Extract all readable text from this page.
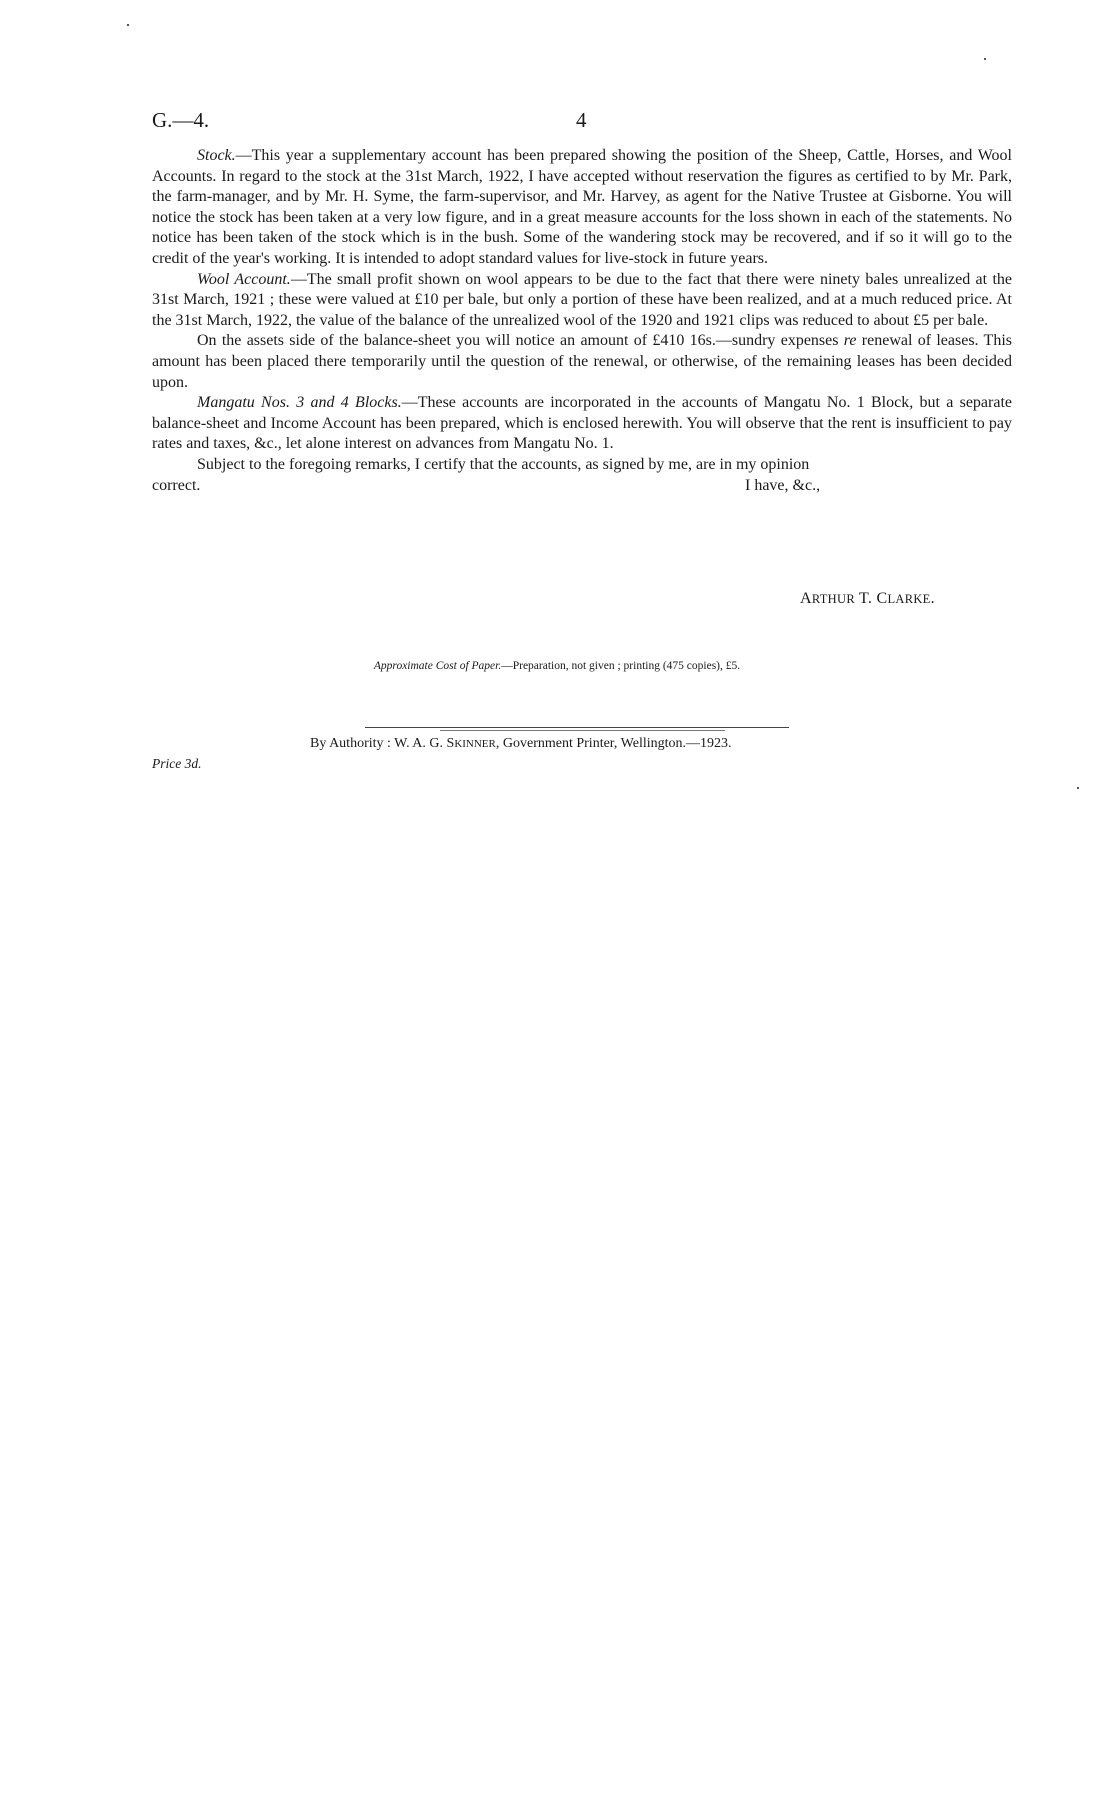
G.—4.	4

Stock.—This year a supplementary account has been prepared showing the position of the Sheep, Cattle, Horses, and Wool Accounts. In regard to the stock at the 31st March, 1922, I have accepted without reservation the figures as certified to by Mr. Park, the farm-manager, and by Mr. H. Syme, the farm-supervisor, and Mr. Harvey, as agent for the Native Trustee at Gisborne. You will notice the stock has been taken at a very low figure, and in a great measure accounts for the loss shown in each of the statements. No notice has been taken of the stock which is in the bush. Some of the wandering stock may be recovered, and if so it will go to the credit of the year's working. It is intended to adopt standard values for live-stock in future years.

Wool Account.—The small profit shown on wool appears to be due to the fact that there were ninety bales unrealized at the 31st March, 1921 ; these were valued at £10 per bale, but only a portion of these have been realized, and at a much reduced price. At the 31st March, 1922, the value of the balance of the unrealized wool of the 1920 and 1921 clips was reduced to about £5 per bale.

On the assets side of the balance-sheet you will notice an amount of £410 16s.—sundry expenses re renewal of leases. This amount has been placed there temporarily until the question of the renewal, or otherwise, of the remaining leases has been decided upon.

Mangatu Nos. 3 and 4 Blocks.—These accounts are incorporated in the accounts of Mangatu No. 1 Block, but a separate balance-sheet and Income Account has been prepared, which is enclosed herewith. You will observe that the rent is insufficient to pay rates and taxes, &c., let alone interest on advances from Mangatu No. 1.

Subject to the foregoing remarks, I certify that the accounts, as signed by me, are in my opinion

correct.	I have, &c.,
ARTHUR T. CLARKE.
Approximate Cost of Paper.—Preparation, not given ; printing (475 copies), £5.
By Authority : W. A. G. SKINNER, Government Printer, Wellington.—1923.
Price 3d.
